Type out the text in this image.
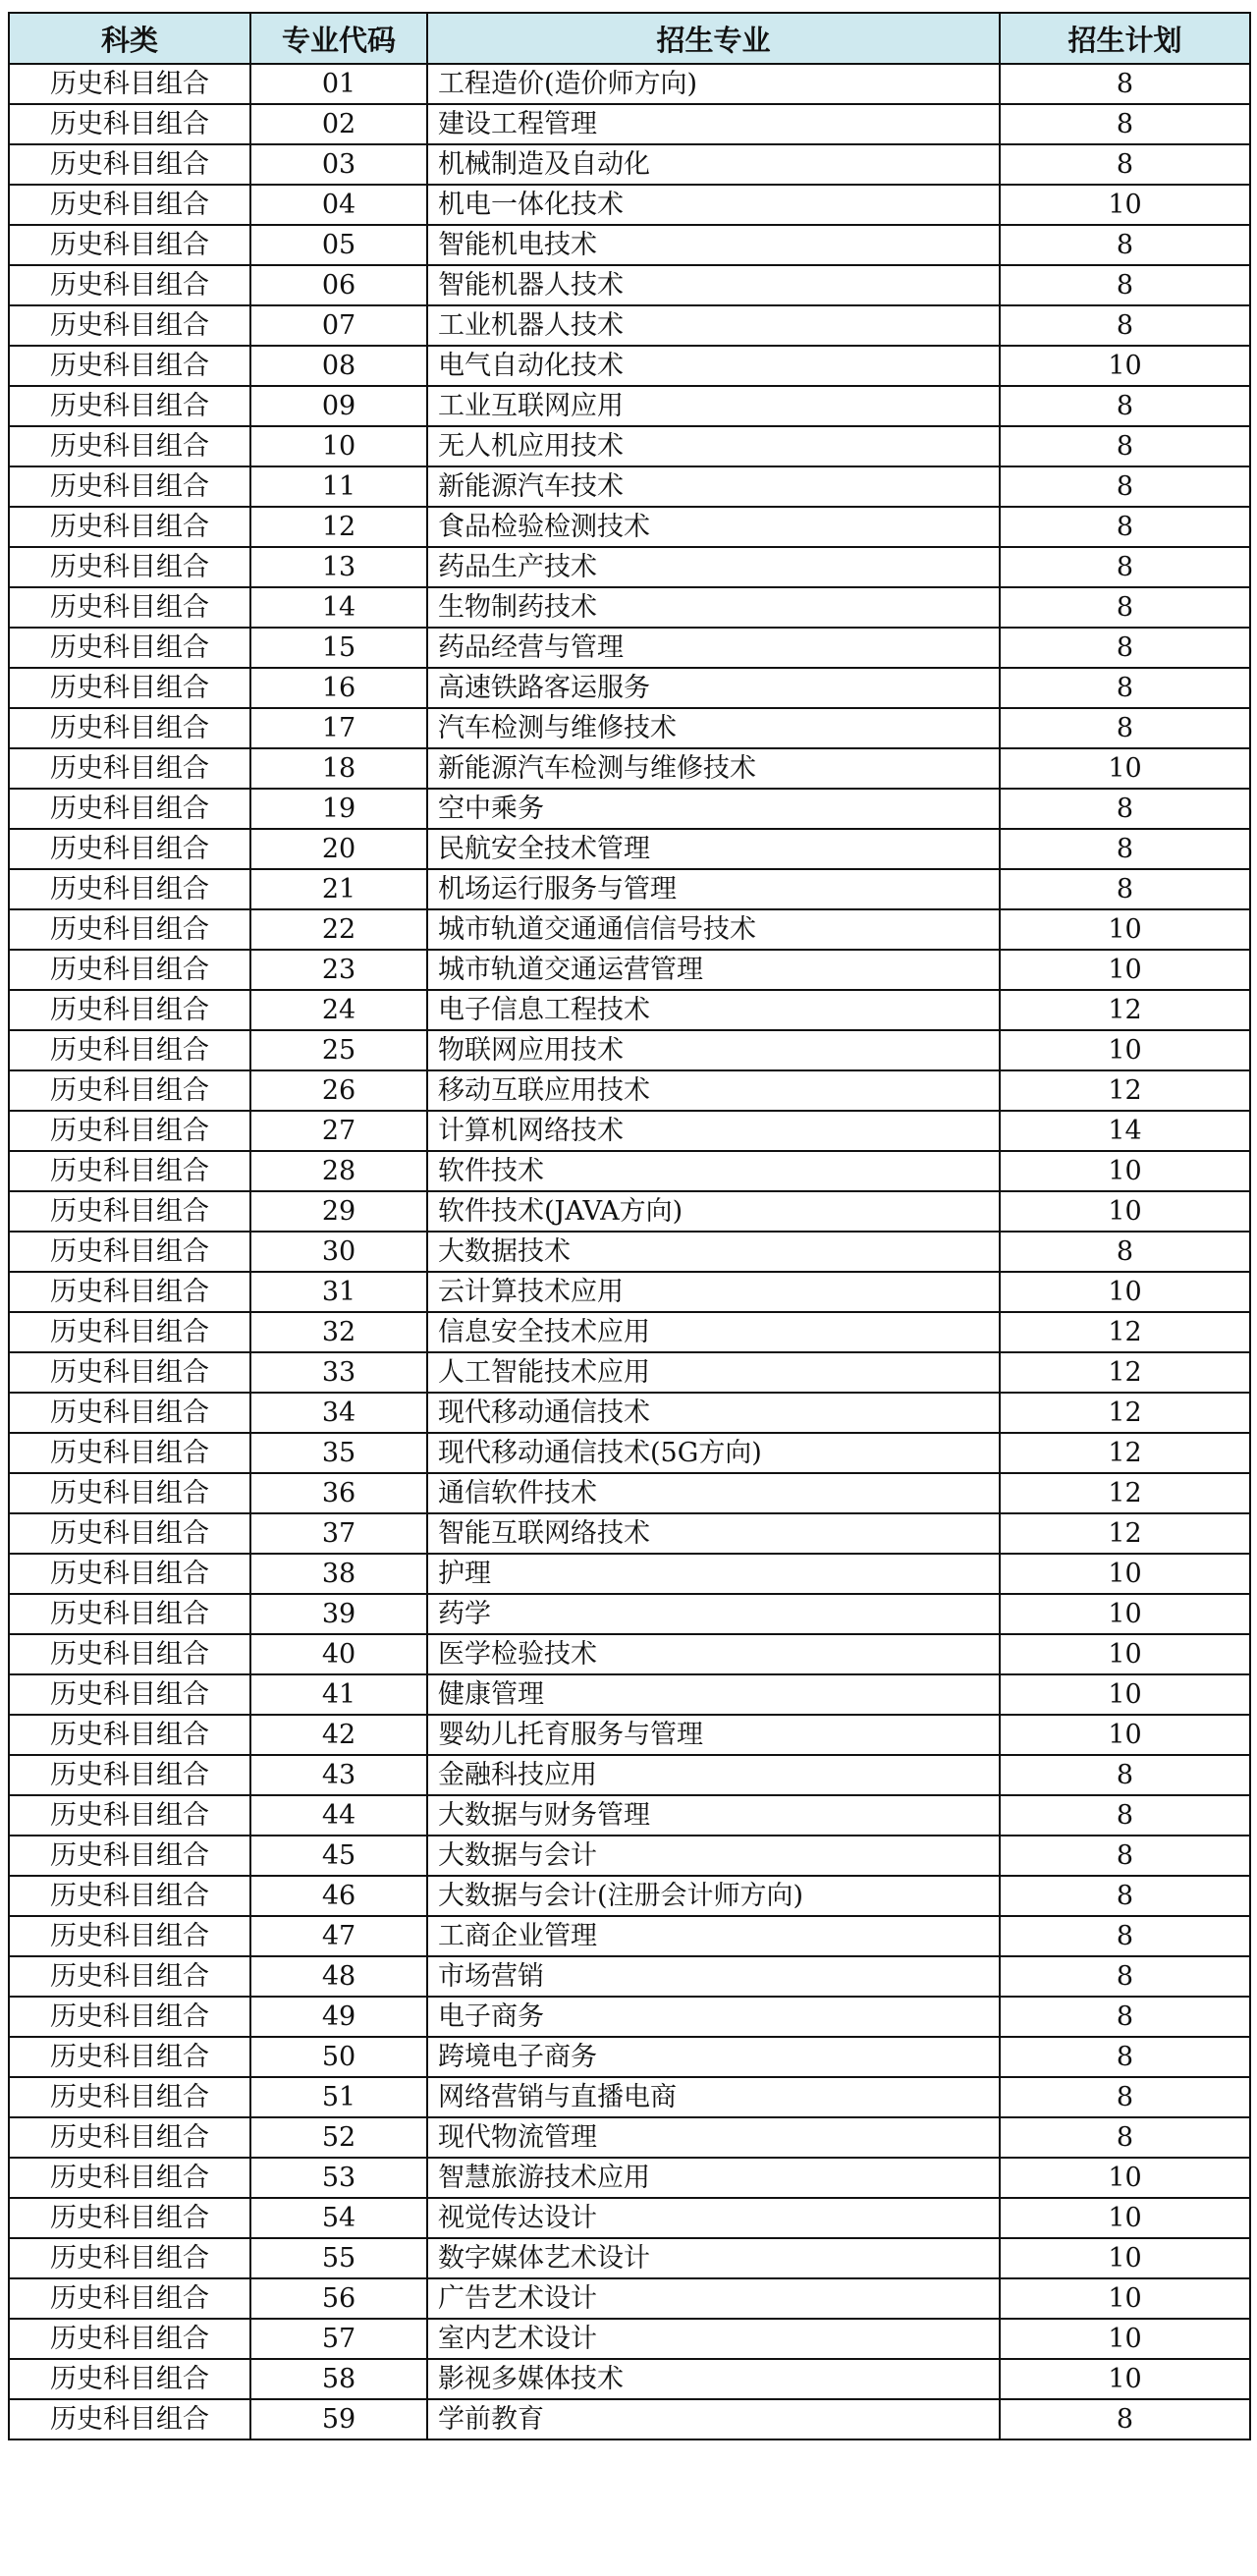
科类	专业代码	招生专业	招生计划
历史科目组合	01	工程造价(造价师方向)	8
历史科目组合	02	建设工程管理	8
历史科目组合	03	机械制造及自动化	8
历史科目组合	04	机电一体化技术	10
历史科目组合	05	智能机电技术	8
历史科目组合	06	智能机器人技术	8
历史科目组合	07	工业机器人技术	8
历史科目组合	08	电气自动化技术	10
历史科目组合	09	工业互联网应用	8
历史科目组合	10	无人机应用技术	8
历史科目组合	11	新能源汽车技术	8
历史科目组合	12	食品检验检测技术	8
历史科目组合	13	药品生产技术	8
历史科目组合	14	生物制药技术	8
历史科目组合	15	药品经营与管理	8
历史科目组合	16	高速铁路客运服务	8
历史科目组合	17	汽车检测与维修技术	8
历史科目组合	18	新能源汽车检测与维修技术	10
历史科目组合	19	空中乘务	8
历史科目组合	20	民航安全技术管理	8
历史科目组合	21	机场运行服务与管理	8
历史科目组合	22	城市轨道交通通信信号技术	10
历史科目组合	23	城市轨道交通运营管理	10
历史科目组合	24	电子信息工程技术	12
历史科目组合	25	物联网应用技术	10
历史科目组合	26	移动互联应用技术	12
历史科目组合	27	计算机网络技术	14
历史科目组合	28	软件技术	10
历史科目组合	29	软件技术(JAVA方向)	10
历史科目组合	30	大数据技术	8
历史科目组合	31	云计算技术应用	10
历史科目组合	32	信息安全技术应用	12
历史科目组合	33	人工智能技术应用	12
历史科目组合	34	现代移动通信技术	12
历史科目组合	35	现代移动通信技术(5G方向)	12
历史科目组合	36	通信软件技术	12
历史科目组合	37	智能互联网络技术	12
历史科目组合	38	护理	10
历史科目组合	39	药学	10
历史科目组合	40	医学检验技术	10
历史科目组合	41	健康管理	10
历史科目组合	42	婴幼儿托育服务与管理	10
历史科目组合	43	金融科技应用	8
历史科目组合	44	大数据与财务管理	8
历史科目组合	45	大数据与会计	8
历史科目组合	46	大数据与会计(注册会计师方向)	8
历史科目组合	47	工商企业管理	8
历史科目组合	48	市场营销	8
历史科目组合	49	电子商务	8
历史科目组合	50	跨境电子商务	8
历史科目组合	51	网络营销与直播电商	8
历史科目组合	52	现代物流管理	8
历史科目组合	53	智慧旅游技术应用	10
历史科目组合	54	视觉传达设计	10
历史科目组合	55	数字媒体艺术设计	10
历史科目组合	56	广告艺术设计	10
历史科目组合	57	室内艺术设计	10
历史科目组合	58	影视多媒体技术	10
历史科目组合	59	学前教育	8
